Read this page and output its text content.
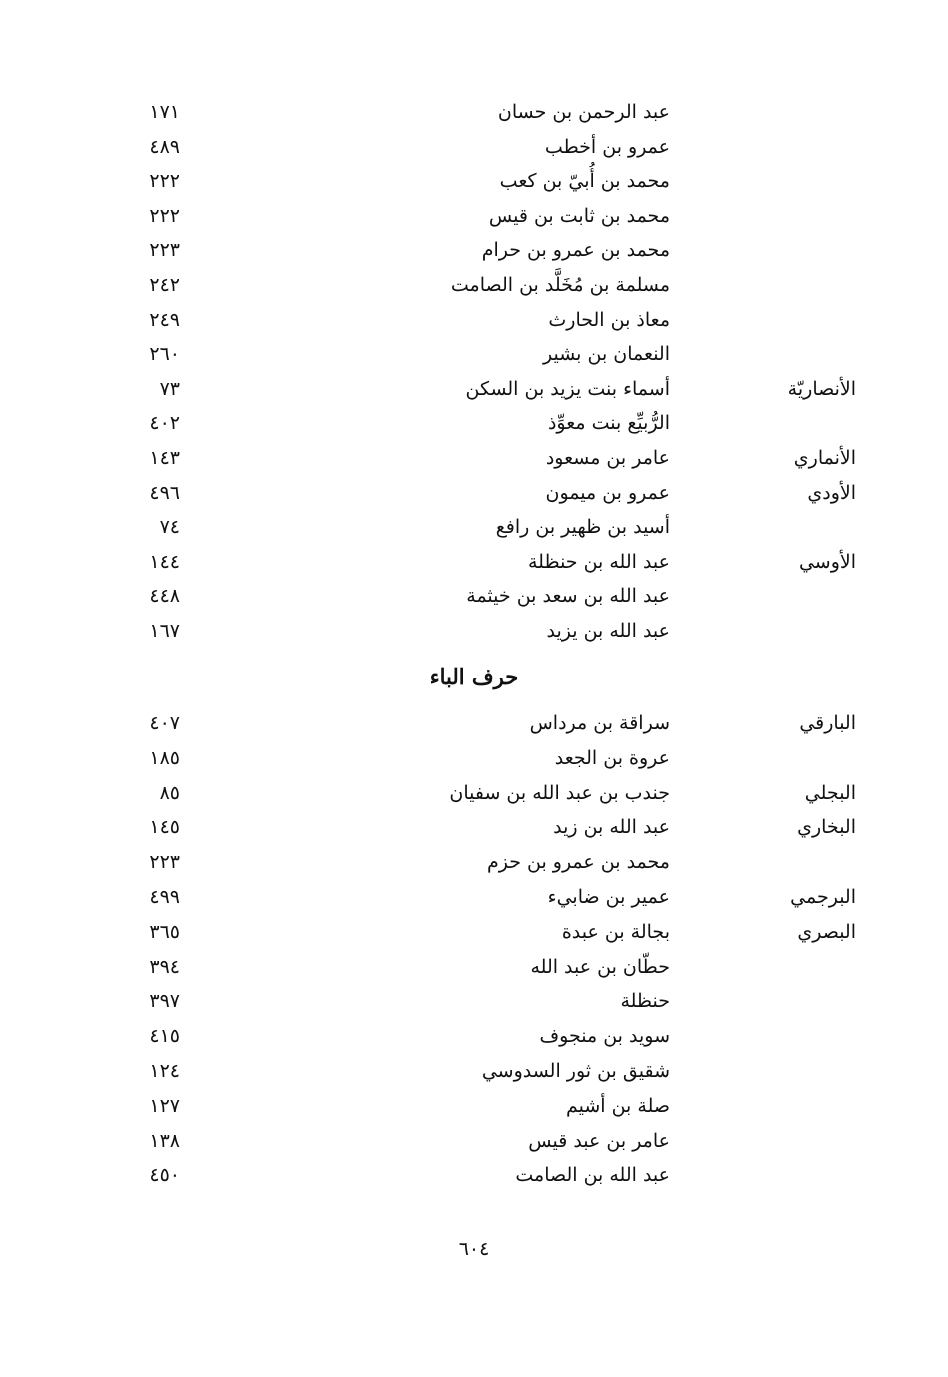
عبد الرحمن بن حسان
١٧١
عمرو بن أخطب
٤٨٩
محمد بن أُبيّ بن كعب
٢٢٢
محمد بن ثابت بن قيس
٢٢٢
محمد بن عمرو بن حرام
٢٢٣
مسلمة بن مُخَلَّد بن الصامت
٢٤٢
معاذ بن الحارث
٢٤٩
النعمان بن بشير
٢٦٠
الأنصاريّة
أسماء بنت يزيد بن السكن
٧٣
الرُّبيِّع بنت معوِّذ
٤٠٢
الأنماري
عامر بن مسعود
١٤٣
الأودي
عمرو بن ميمون
٤٩٦
أسيد بن ظهير بن رافع
٧٤
الأوسي
عبد الله بن حنظلة
١٤٤
عبد الله بن سعد بن خيثمة
٤٤٨
عبد الله بن يزيد
١٦٧
حرف الباء
البارقي
سراقة بن مرداس
٤٠٧
عروة بن الجعد
١٨٥
البجلي
جندب بن عبد الله بن سفيان
٨٥
البخاري
عبد الله بن زيد
١٤٥
محمد بن عمرو بن حزم
٢٢٣
البرجمي
عمير بن ضابيء
٤٩٩
البصري
بجالة بن عبدة
٣٦٥
حطّان بن عبد الله
٣٩٤
حنظلة
٣٩٧
سويد بن منجوف
٤١٥
شقيق بن ثور السدوسي
١٢٤
صلة بن أشيم
١٢٧
عامر بن عبد قيس
١٣٨
عبد الله بن الصامت
٤٥٠
٦٠٤
